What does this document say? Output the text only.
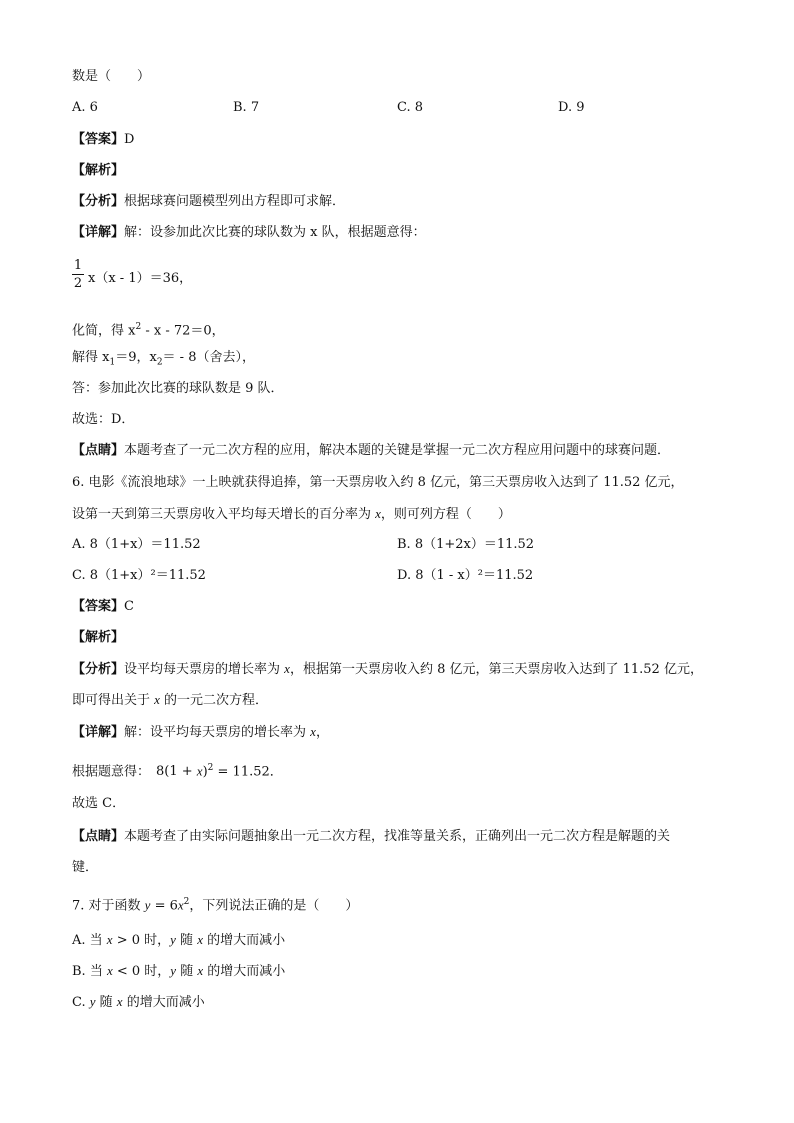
数是（　　）
A. 6	B. 7	C. 8	D. 9
【答案】D
【解析】
【分析】根据球赛问题模型列出方程即可求解．
【详解】解：设参加此次比赛的球队数为 x 队，根据题意得：
1
2 x（x - 1）＝36，
化简，得 $x^2 - x - 72=0$，
解得 $x_1=9$，$x_2= - 8$（舍去），
答：参加此次比赛的球队数是 9 队．
故选：D．
【点睛】本题考查了一元二次方程的应用，解决本题的关键是掌握一元二次方程应用问题中的球赛问题．
6. 电影《流浪地球》一上映就获得追捧，第一天票房收入约 8 亿元，第三天票房收入达到了 11.52 亿元，
设第一天到第三天票房收入平均每天增长的百分率为 x，则可列方程（　　）
A. 8（1+x）＝11.52	B. 8（1+2x）＝11.52
C. 8（1+x）²＝11.52	D. 8（1 - x）²＝11.52
【答案】C
【解析】
【分析】设平均每天票房的增长率为 x，根据第一天票房收入约 8 亿元，第三天票房收入达到了 11.52 亿元，
即可得出关于 x 的一元二次方程．
【详解】解：设平均每天票房的增长率为 x，
根据题意得： $8(1 + x)^2 = 11.52$．
故选 C．
【点睛】本题考查了由实际问题抽象出一元二次方程，找准等量关系，正确列出一元二次方程是解题的关
键．
7. 对于函数 $y = 6x^2$，下列说法正确的是（　　）
A. 当 x > 0 时，y 随 x 的增大而减小
B. 当 x < 0 时，y 随 x 的增大而减小
C. y 随 x 的增大而减小
